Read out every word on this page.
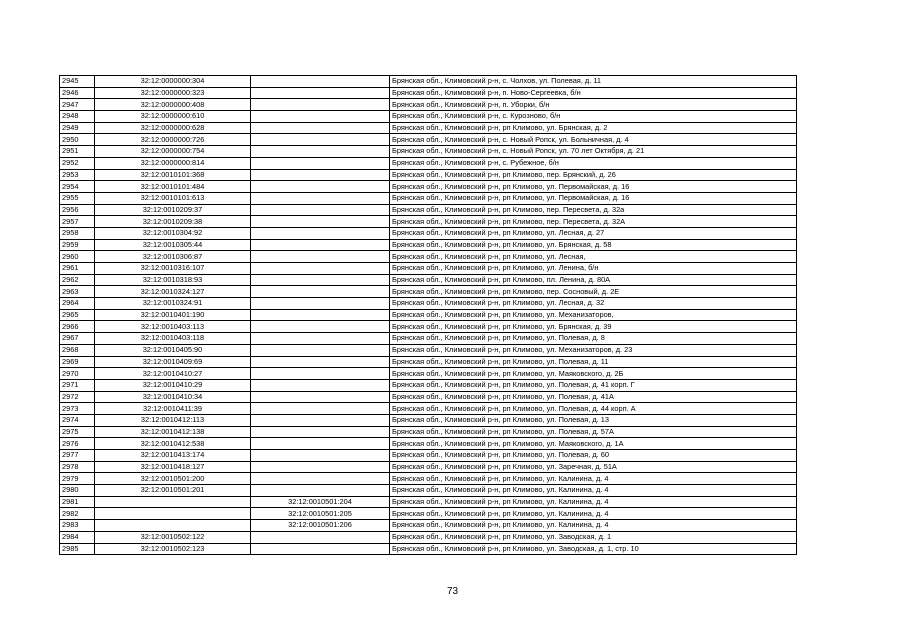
2945	32:12:0000000:304		Брянская обл., Климовский р-н, с. Чолхов, ул. Полевая, д. 11
2946	32:12:0000000:323		Брянская обл., Климовский р-н, п. Ново-Сергеевка, б/н
2947	32:12:0000000:408		Брянская обл., Климовский р-н, п. Уборки, б/н
2948	32:12:0000000:610		Брянская обл., Климовский р-н, с. Курозново, б/н
2949	32:12:0000000:628		Брянская обл., Климовский р-н, рп Климово, ул. Брянская, д. 2
2950	32:12:0000000:726		Брянская обл., Климовский р-н, с. Новый Ропск, ул. Больничная, д. 4
2951	32:12:0000000:754		Брянская обл., Климовский р-н, с. Новый Ропск, ул. 70 лет Октября, д. 21
2952	32:12:0000000:814		Брянская обл., Климовский р-н, с. Рубежное, б/н
2953	32:12:0010101:368		Брянская обл., Климовский р-н, рп Климово, пер. Брянский, д. 26
2954	32:12:0010101:484		Брянская обл., Климовский р-н, рп Климово, ул. Первомайская, д. 16
2955	32:12:0010101:613		Брянская обл., Климовский р-н, рп Климово, ул. Первомайская, д. 16
2956	32:12:0010209:37		Брянская обл., Климовский р-н, рп Климово, пер. Пересвета, д. 32а
2957	32:12:0010209:38		Брянская обл., Климовский р-н, рп Климово, пер. Пересвета, д. 32А
2958	32:12:0010304:92		Брянская обл., Климовский р-н, рп Климово, ул. Лесная, д. 27
2959	32:12:0010305:44		Брянская обл., Климовский р-н, рп Климово, ул. Брянская, д. 58
2960	32:12:0010306:87		Брянская обл., Климовский р-н, рп Климово, ул. Лесная,
2961	32:12:0010316:107		Брянская обл., Климовский р-н, рп Климово, ул. Ленина, б/н
2962	32:12:0010318:93		Брянская обл., Климовский р-н, рп Климово, пл. Ленина, д. 80А
2963	32:12:0010324:127		Брянская обл., Климовский р-н, рп Климово, пер. Сосновый, д. 2Е
2964	32:12:0010324:91		Брянская обл., Климовский р-н, рп Климово, ул. Лесная, д. 32
2965	32:12:0010401:190		Брянская обл., Климовский р-н, рп Климово, ул. Механизаторов,
2966	32:12:0010403:113		Брянская обл., Климовский р-н, рп Климово, ул. Брянская, д. 39
2967	32:12:0010403:118		Брянская обл., Климовский р-н, рп Климово, ул. Полевая, д. 8
2968	32:12:0010405:90		Брянская обл., Климовский р-н, рп Климово, ул. Механизаторов, д. 23
2969	32:12:0010409:69		Брянская обл., Климовский р-н, рп Климово, ул. Полевая, д. 11
2970	32:12:0010410:27		Брянская обл., Климовский р-н, рп Климово, ул. Маяковского, д. 2Б
2971	32:12:0010410:29		Брянская обл., Климовский р-н, рп Климово, ул. Полевая, д. 41 корп. Г
2972	32:12:0010410:34		Брянская обл., Климовский р-н, рп Климово, ул. Полевая, д. 41А
2973	32:12:0010411:39		Брянская обл., Климовский р-н, рп Климово, ул. Полевая, д. 44 корп. А
2974	32:12:0010412:113		Брянская обл., Климовский р-н, рп Климово, ул. Полевая, д. 13
2975	32:12:0010412:138		Брянская обл., Климовский р-н, рп Климово, ул. Полевая, д. 57А
2976	32:12:0010412:538		Брянская обл., Климовский р-н, рп Климово, ул. Маяковского, д. 1А
2977	32:12:0010413:174		Брянская обл., Климовский р-н, рп Климово, ул. Полевая, д. 60
2978	32:12:0010418:127		Брянская обл., Климовский р-н, рп Климово, ул. Заречная, д. 51А
2979	32:12:0010501:200		Брянская обл., Климовский р-н, рп Климово, ул. Калинина, д. 4
2980	32:12:0010501:201		Брянская обл., Климовский р-н, рп Климово, ул. Калинина, д. 4
2981		32:12:0010501:204	Брянская обл., Климовский р-н, рп Климово, ул. Калинина, д. 4
2982		32:12:0010501:205	Брянская обл., Климовский р-н, рп Климово, ул. Калинина, д. 4
2983		32:12:0010501:206	Брянская обл., Климовский р-н, рп Климово, ул. Калинина, д. 4
2984	32:12:0010502:122		Брянская обл., Климовский р-н, рп Климово, ул. Заводская, д. 1
2985	32:12:0010502:123		Брянская обл., Климовский р-н, рп Климово, ул. Заводская, д. 1, стр. 10
73
